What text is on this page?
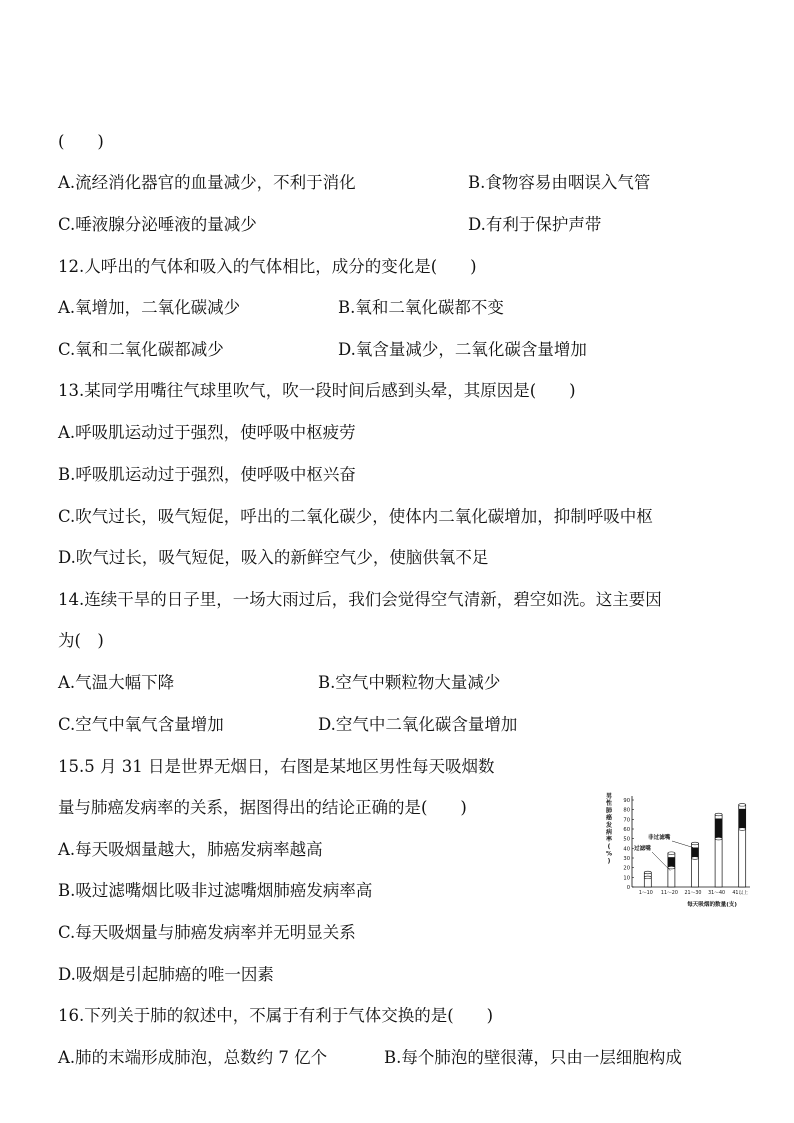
(　　)
A.流经消化器官的血量减少，不利于消化	B.食物容易由咽误入气管
C.唾液腺分泌唾液的量减少	D.有利于保护声带
12.人呼出的气体和吸入的气体相比，成分的变化是(　　)
A.氧增加，二氧化碳减少	B.氧和二氧化碳都不变
C.氧和二氧化碳都减少	D.氧含量减少，二氧化碳含量增加
13.某同学用嘴往气球里吹气，吹一段时间后感到头晕，其原因是(　　)
A.呼吸肌运动过于强烈，使呼吸中枢疲劳
B.呼吸肌运动过于强烈，使呼吸中枢兴奋
C.吹气过长，吸气短促，呼出的二氧化碳少，使体内二氧化碳增加，抑制呼吸中枢
D.吹气过长，吸气短促，吸入的新鲜空气少，使脑供氧不足
14.连续干旱的日子里，一场大雨过后，我们会觉得空气清新，碧空如洗。这主要因
为(　)
A.气温大幅下降	B.空气中颗粒物大量减少
C.空气中氧气含量增加	D.空气中二氧化碳含量增加
15.5 月 31 日是世界无烟日，右图是某地区男性每天吸烟数
量与肺癌发病率的关系，据图得出的结论正确的是(　　)
A.每天吸烟量越大，肺癌发病率越高
B.吸过滤嘴烟比吸非过滤嘴烟肺癌发病率高
C.每天吸烟量与肺癌发病率并无明显关系
D.吸烟是引起肺癌的唯一因素
16.下列关于肺的叙述中，不属于有利于气体交换的是(　　)
A.肺的末端形成肺泡，总数约 7 亿个	B.每个肺泡的壁很薄，只由一层细胞构成
男
性
肺
癌
发
病
率
(
%
)
0
10
20
30
40
50
60
70
80
90
1～10 11～20 21～30 31～40 41以上
非过滤嘴
过滤嘴
每天吸烟的数量(支)
